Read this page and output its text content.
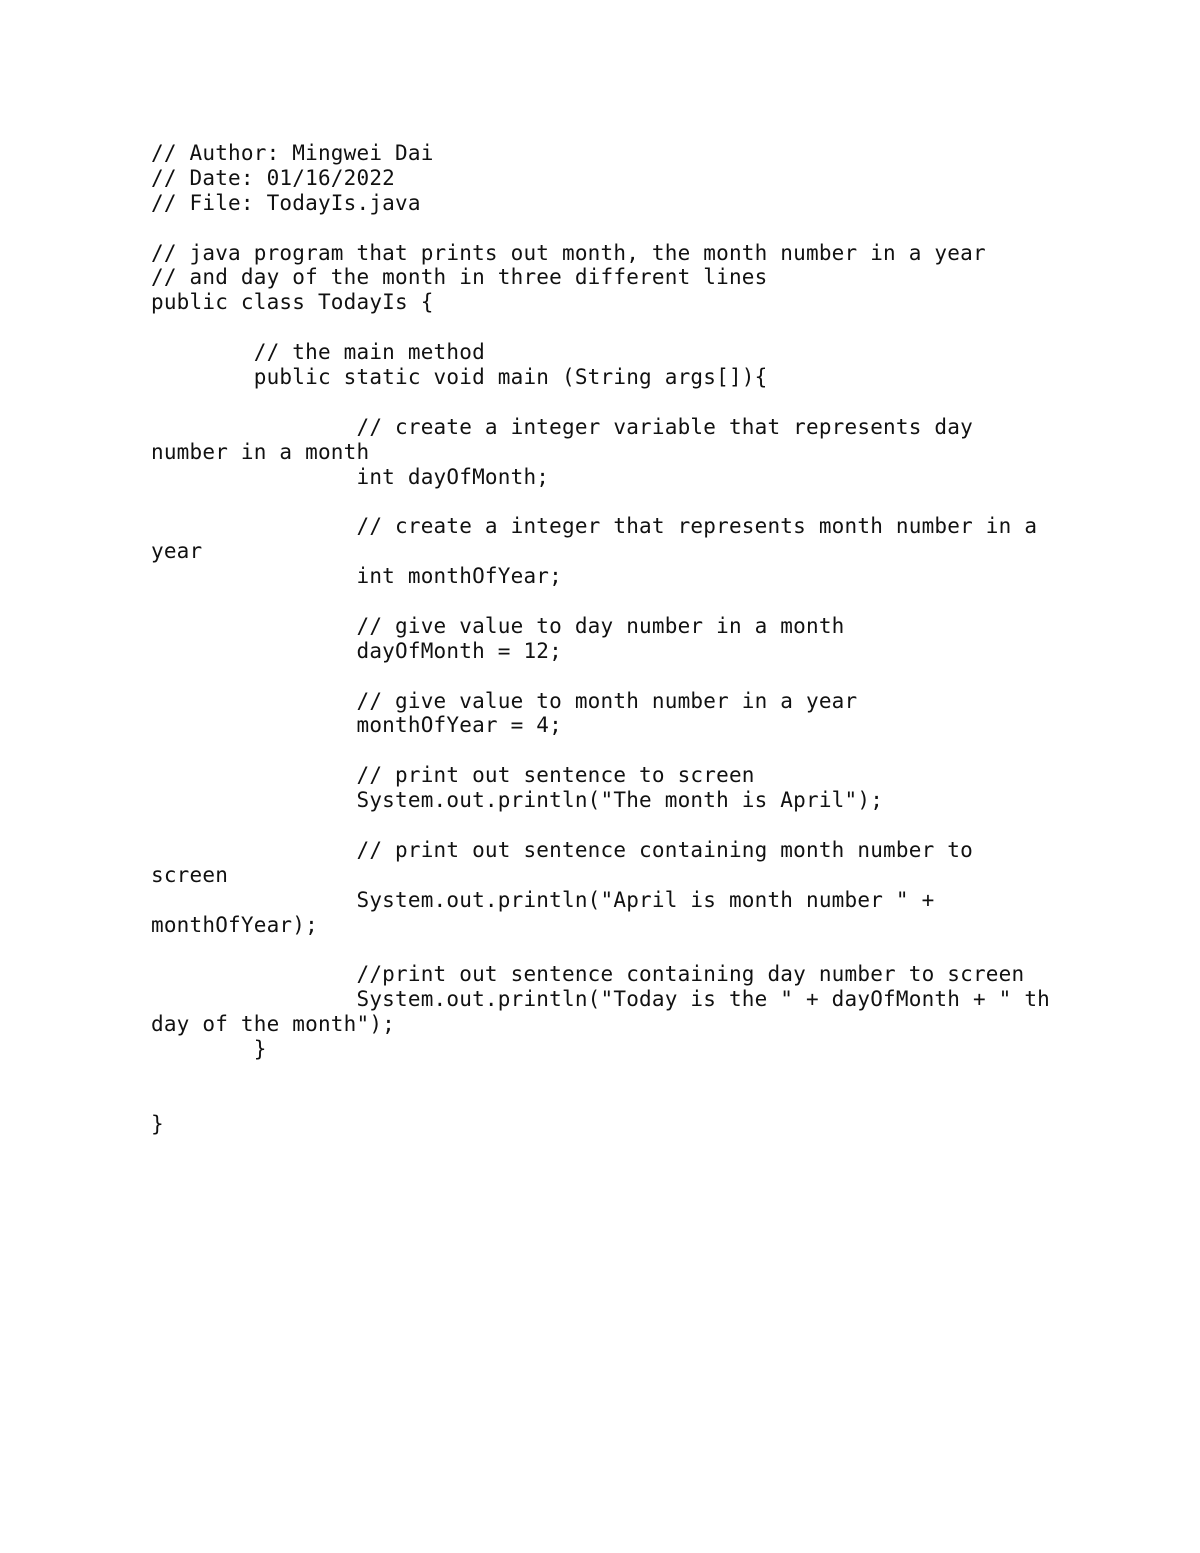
// Author: Mingwei Dai
// Date: 01/16/2022
// File: TodayIs.java
// java program that prints out month, the month number in a year
// and day of the month in three different lines
public class TodayIs {
// the main method
public static void main (String args[]){
// create a integer variable that represents day
number in a month
int dayOfMonth;
// create a integer that represents month number in a
year
int monthOfYear;
// give value to day number in a month
dayOfMonth = 12;
// give value to month number in a year
monthOfYear = 4;
// print out sentence to screen
System.out.println("The month is April");
// print out sentence containing month number to
screen
System.out.println("April is month number " +
monthOfYear);
//print out sentence containing day number to screen
System.out.println("Today is the " + dayOfMonth + " th
day of the month");
}
}
